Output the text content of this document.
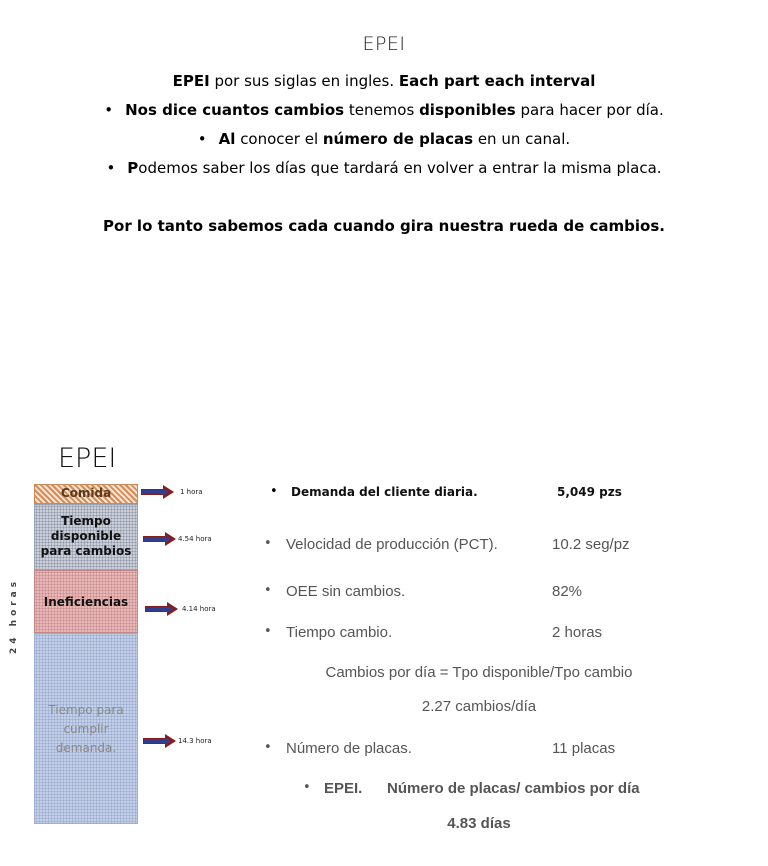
EPEI
EPEI por sus siglas en ingles. Each part each interval
• Nos dice cuantos cambios tenemos disponibles para hacer por día.
• Al conocer el número de placas en un canal.
• Podemos saber los días que tardará en volver a entrar la misma placa.
Por lo tanto sabemos cada cuando gira nuestra rueda de cambios.
EPEI
24 horas
Comida
Tiempo
disponible
para cambios
Ineficiencias
Tiempo para
cumplir
demanda.
1 hora
4.54 hora
4.14 hora
14.3 hora
• Demanda del cliente diaria.	5,049 pzs
• Velocidad de producción (PCT).	10.2 seg/pz
• OEE sin cambios.	82%
• Tiempo cambio.	2 horas
Cambios por día = Tpo disponible/Tpo cambio
2.27 cambios/día
• Número de placas.	11 placas
• EPEI. Número de placas/ cambios por día
4.83 días
